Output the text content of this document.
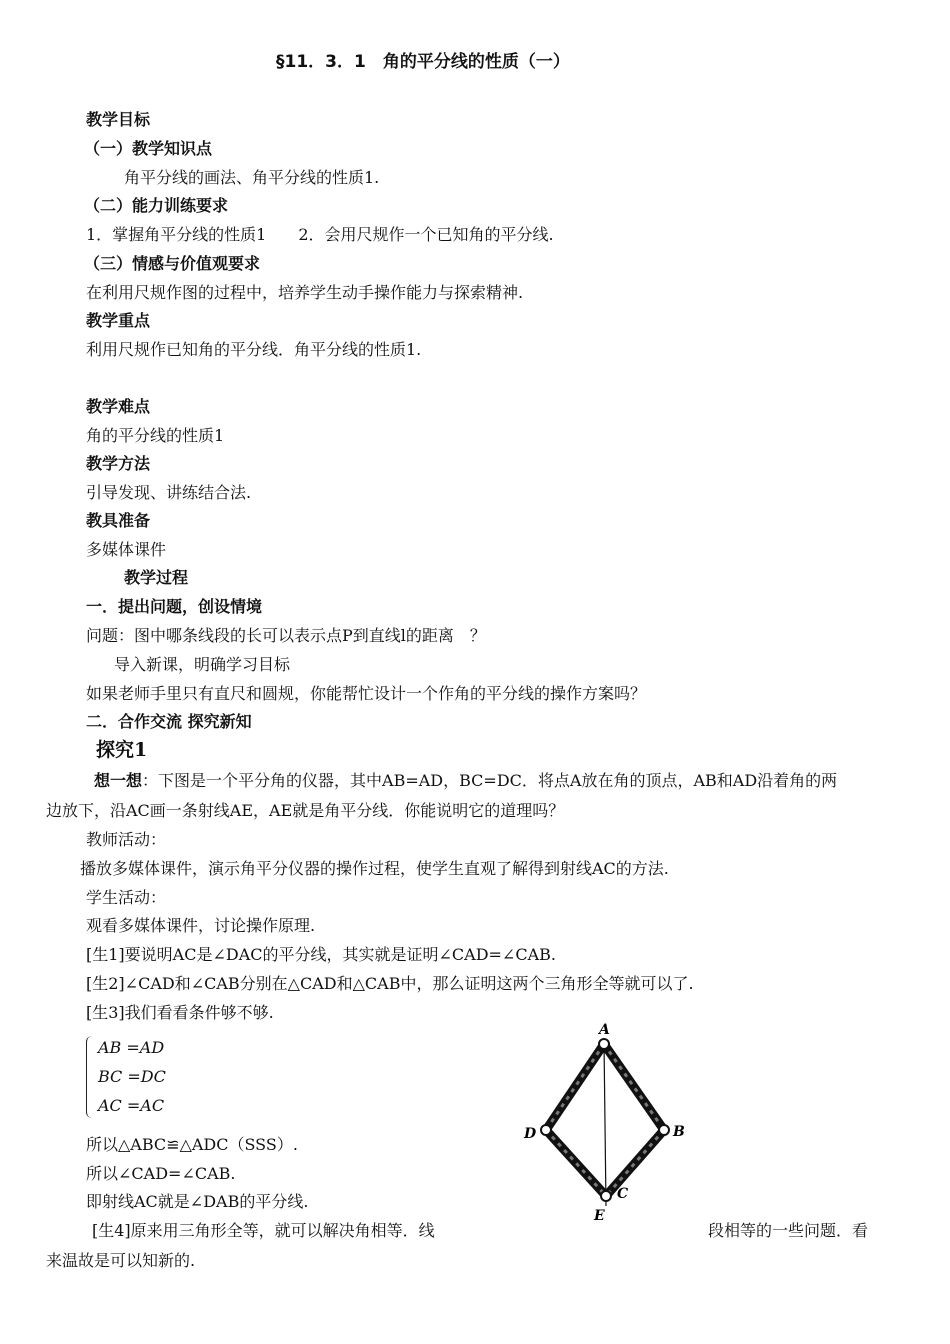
§11．3．1　角的平分线的性质（一）
教学目标
（一）教学知识点
角平分线的画法、角平分线的性质1.
（二）能力训练要求
1．掌握角平分线的性质1　　2．会用尺规作一个已知角的平分线.
（三）情感与价值观要求
在利用尺规作图的过程中，培养学生动手操作能力与探索精神.
教学重点
利用尺规作已知角的平分线．角平分线的性质1.
教学难点
角的平分线的性质1
教学方法
引导发现、讲练结合法.
教具准备
多媒体课件
教学过程
一．提出问题，创设情境
问题：图中哪条线段的长可以表示点P到直线l的距离　？
导入新课，明确学习目标
如果老师手里只有直尺和圆规，你能帮忙设计一个作角的平分线的操作方案吗？
二．合作交流 探究新知
探究1
想一想：下图是一个平分角的仪器，其中AB=AD，BC=DC．将点A放在角的顶点，AB和AD沿着角的两
边放下，沿AC画一条射线AE，AE就是角平分线．你能说明它的道理吗？
教师活动：
播放多媒体课件，演示角平分仪器的操作过程，使学生直观了解得到射线AC的方法.
学生活动：
观看多媒体课件，讨论操作原理.
[生1]要说明AC是∠DAC的平分线，其实就是证明∠CAD=∠CAB.
[生2]∠CAD和∠CAB分别在△CAD和△CAB中，那么证明这两个三角形全等就可以了.
[生3]我们看看条件够不够.
AB =AD
BC =DC
AC =AC
所以△ABC≌△ADC（SSS）.
所以∠CAD=∠CAB.
即射线AC就是∠DAB的平分线.
[生4]原来用三角形全等，就可以解决角相等．线	段相等的一些问题．看
来温故是可以知新的.
A
B
D
C
E
